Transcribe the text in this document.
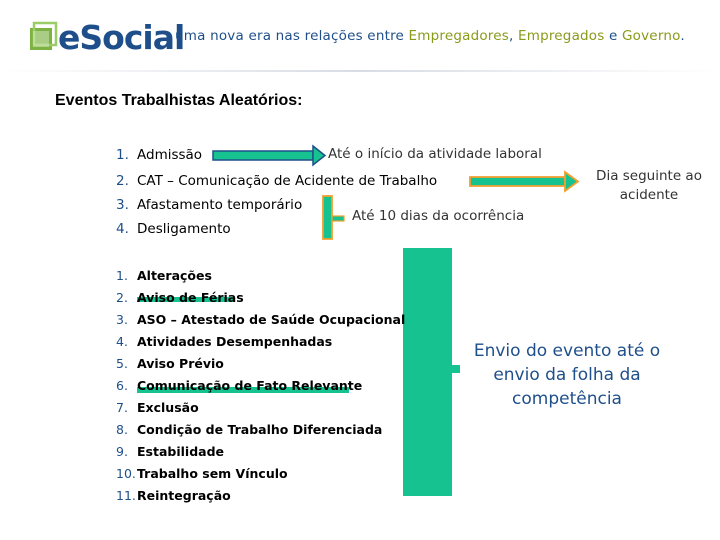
eSocial
uma nova era nas relações entre Empregadores, Empregados e Governo.
Eventos Trabalhistas Aleatórios:
1. Admissão
2. CAT – Comunicação de Acidente de Trabalho
3. Afastamento temporário
4. Desligamento
Até o início da atividade laboral
Dia seguinte ao acidente
Até 10 dias da ocorrência
1. Alterações
2. Aviso de Férias
3. ASO – Atestado de Saúde Ocupacional
4. Atividades Desempenhadas
5. Aviso Prévio
6. Comunicação de Fato Relevante
7. Exclusão
8. Condição de Trabalho Diferenciada
9. Estabilidade
10.Trabalho sem Vínculo
11.Reintegração
Envio do evento até o envio da folha da competência
